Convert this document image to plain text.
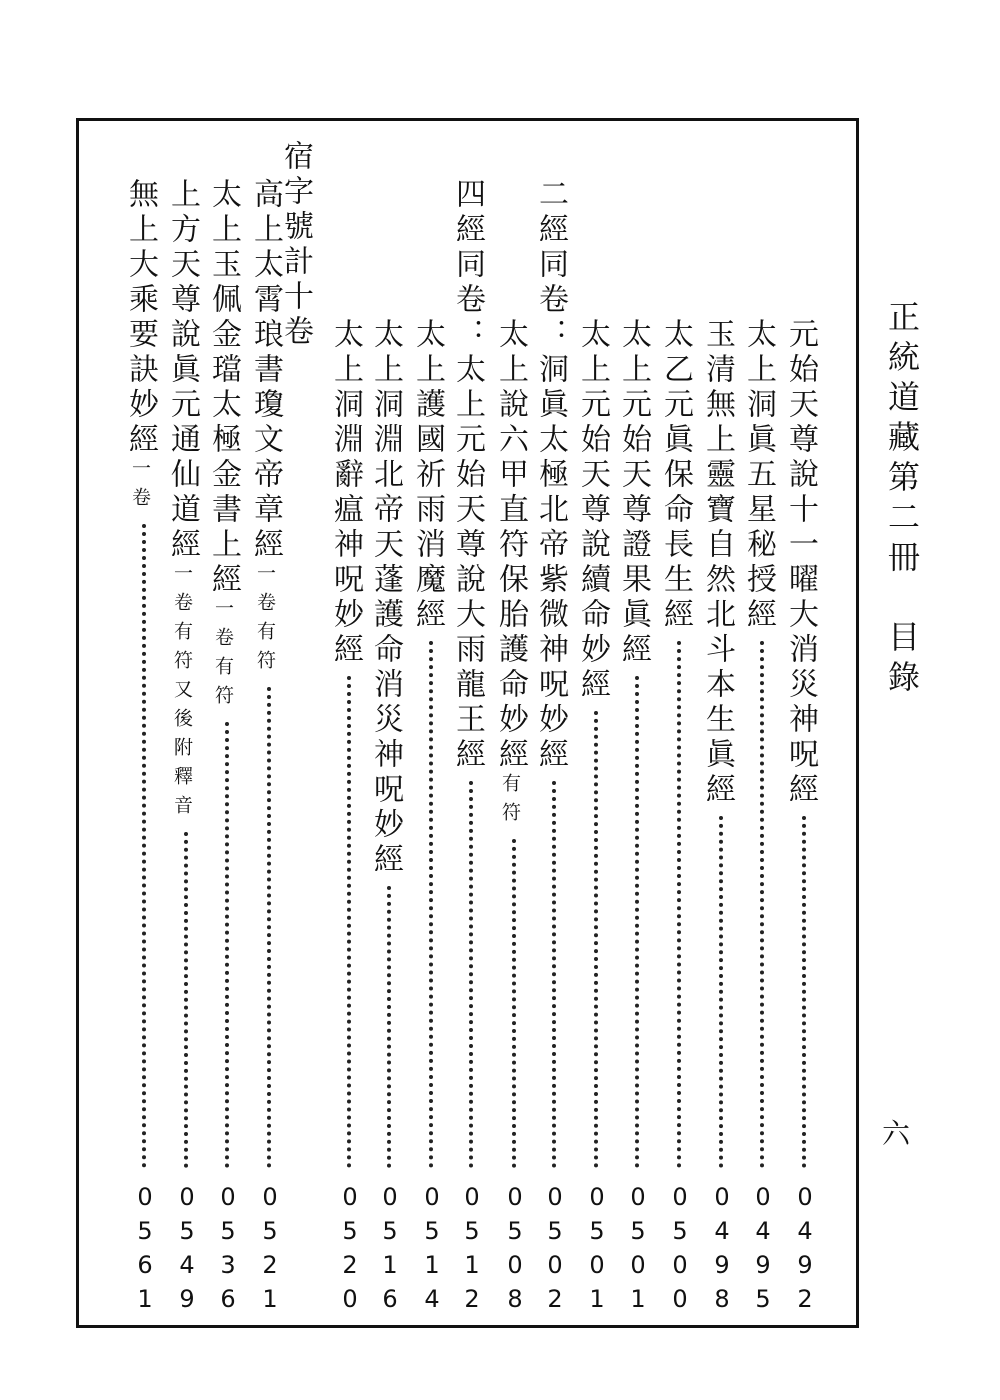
正統道藏第二冊　目錄
六
元始天尊說十一曜大消災神呪經
0
4
9
2
太上洞眞五星秘授經
0
4
9
5
玉清無上靈寶自然北斗本生眞經
0
4
9
8
太乙元眞保命長生經
0
5
0
0
太上元始天尊證果眞經
0
5
0
1
太上元始天尊說續命妙經
0
5
0
1
二經同卷：洞眞太極北帝紫微神呪妙經
0
5
0
2
太上說六甲直符保胎護命妙經有符
0
5
0
8
四經同卷：太上元始天尊說大雨龍王經
0
5
1
2
太上護國祈雨消魔經
0
5
1
4
太上洞淵北帝天蓬護命消災神呪妙經
0
5
1
6
太上洞淵辭瘟神呪妙經
0
5
2
0
宿字號計十卷
高上太霄琅書瓊文帝章經一卷有符
0
5
2
1
太上玉佩金璫太極金書上經一卷有符
0
5
3
6
上方天尊說眞元通仙道經一卷有符又後附釋音
0
5
4
9
無上大乘要訣妙經一卷
0
5
6
1
